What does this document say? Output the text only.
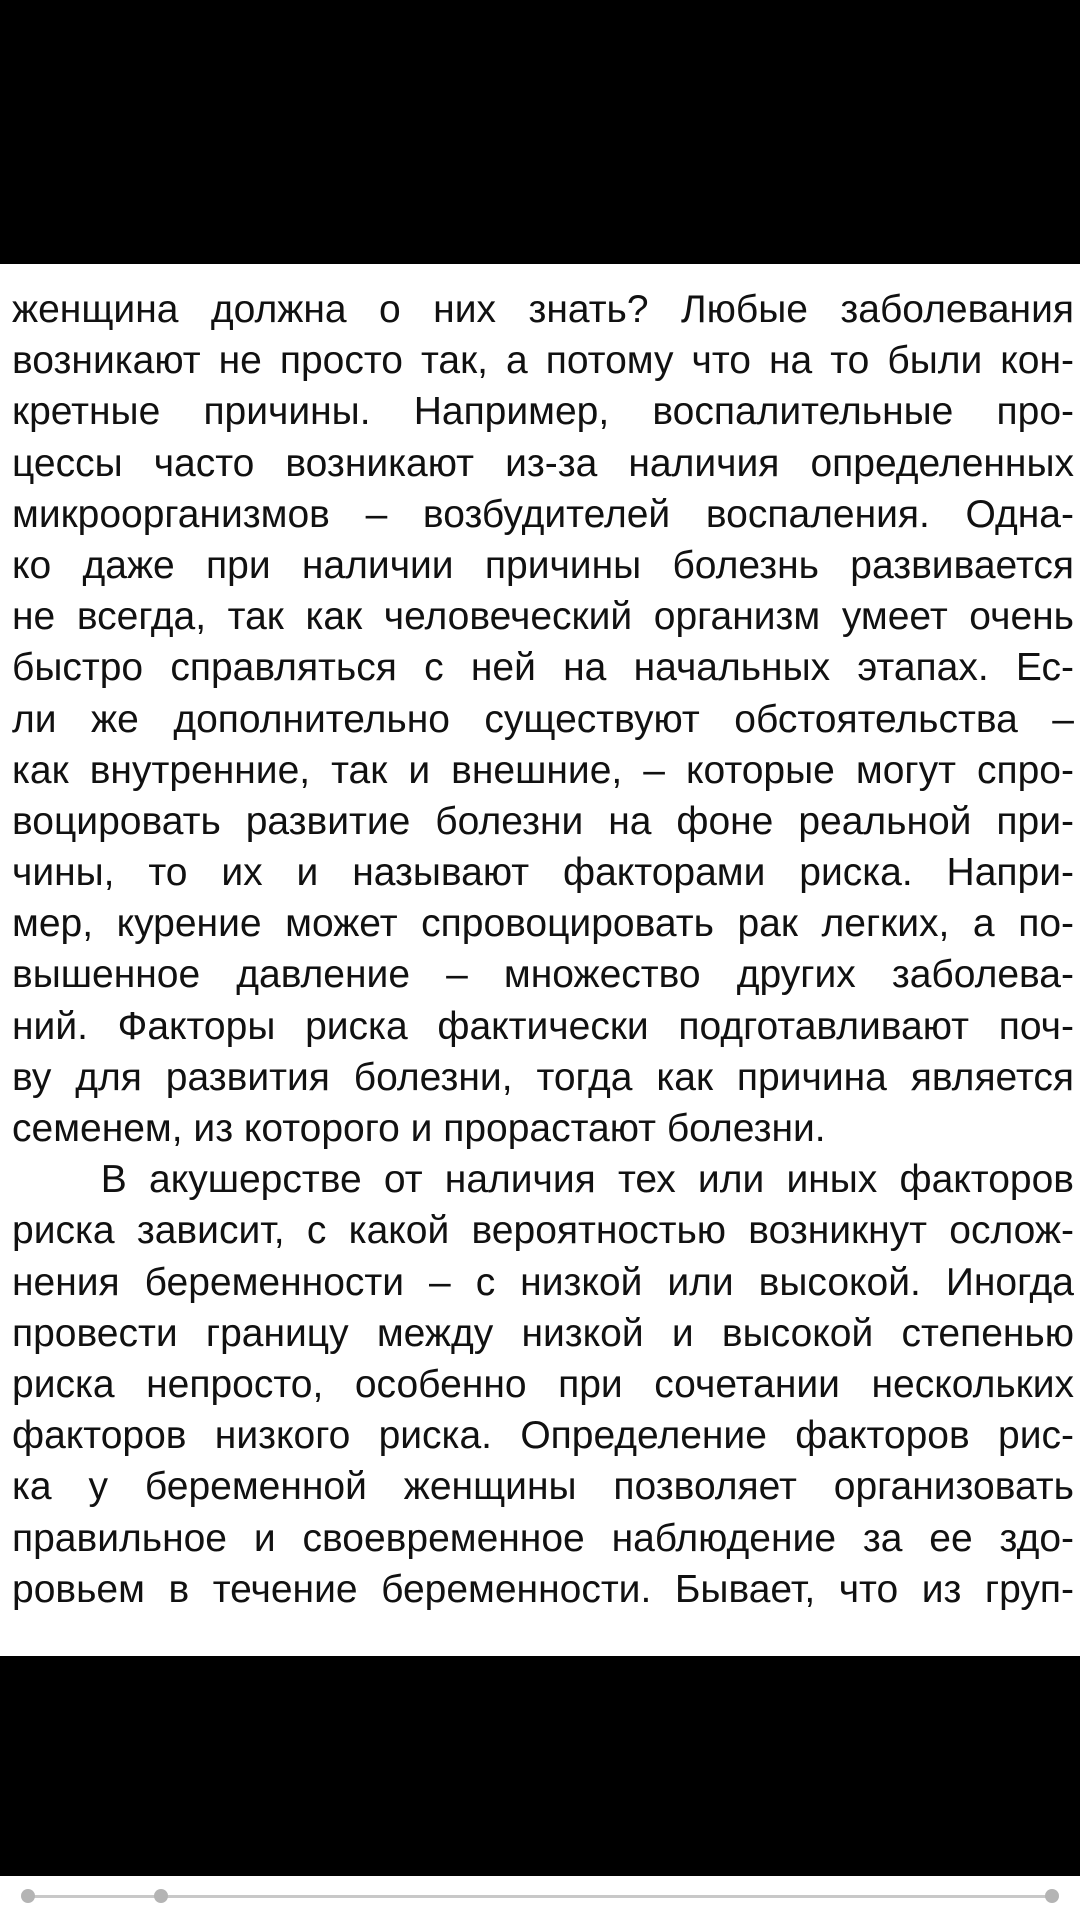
женщина должна о них знать? Любые заболевания
возникают не просто так, а потому что на то были кон-
кретные причины. Например, воспалительные про-
цессы часто возникают из-за наличия определенных
микроорганизмов – возбудителей воспаления. Одна-
ко даже при наличии причины болезнь развивается
не всегда, так как человеческий организм умеет очень
быстро справляться с ней на начальных этапах. Ес-
ли же дополнительно существуют обстоятельства –
как внутренние, так и внешние, – которые могут спро-
воцировать развитие болезни на фоне реальной при-
чины, то их и называют факторами риска. Напри-
мер, курение может спровоцировать рак легких, а по-
вышенное давление – множество других заболева-
ний. Факторы риска фактически подготавливают поч-
ву для развития болезни, тогда как причина является
семенем, из которого и прорастают болезни.
В акушерстве от наличия тех или иных факторов
риска зависит, с какой вероятностью возникнут ослож-
нения беременности – с низкой или высокой. Иногда
провести границу между низкой и высокой степенью
риска непросто, особенно при сочетании нескольких
факторов низкого риска. Определение факторов рис-
ка у беременной женщины позволяет организовать
правильное и своевременное наблюдение за ее здо-
ровьем в течение беременности. Бывает, что из груп-
